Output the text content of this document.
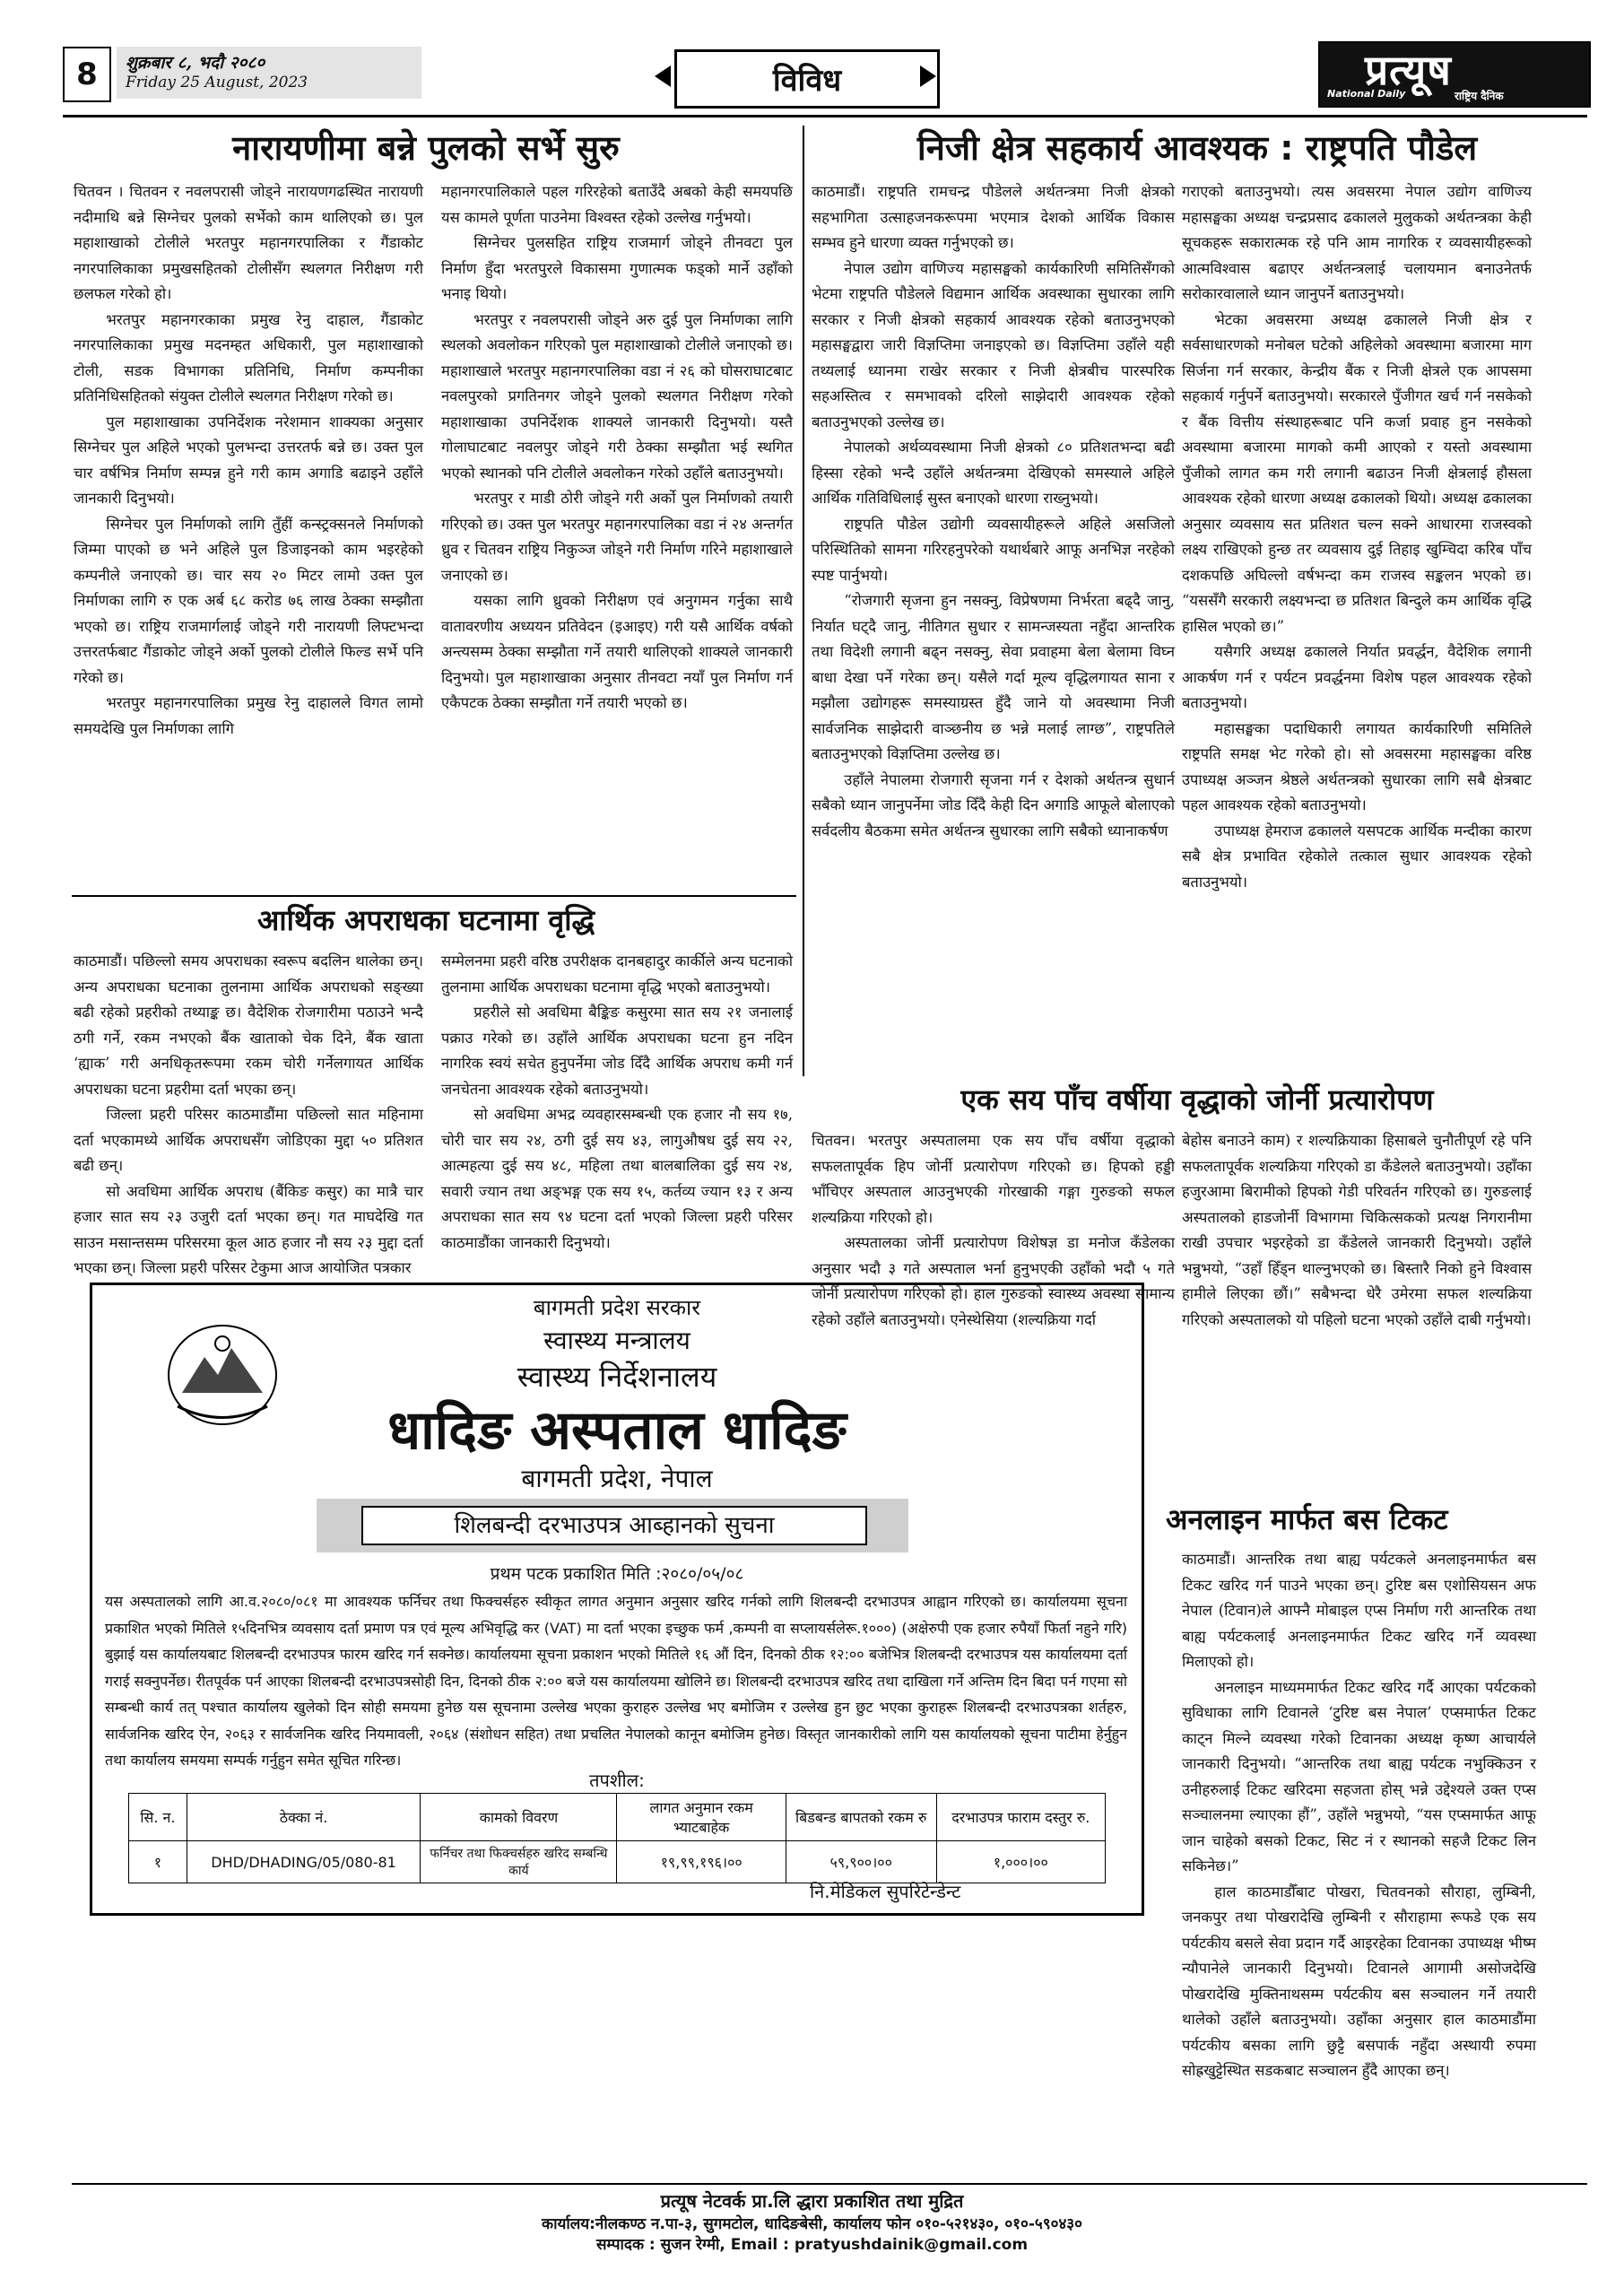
8	शुक्रबार ८, भदौ २०८०
Friday 25 August, 2023	विविध	प्रत्यूष
National Daily	राष्ट्रिय दैनिक
नारायणीमा बन्ने पुलको सर्भे सुरु

चितवन । चितवन र नवलपरासी जोड्ने नारायणगढस्थित नारायणी नदीमाथि बन्ने सिग्नेचर पुलको सर्भेको काम थालिएको छ। पुल महाशाखाको टोलीले भरतपुर महानगरपालिका र गैंडाकोट नगरपालिकाका प्रमुखसहितको टोलीसँग स्थलगत निरीक्षण गरी छलफल गरेको हो।

भरतपुर महानगरकाका प्रमुख रेनु दाहाल, गैंडाकोट नगरपालिकाका प्रमुख मदनम्हत अधिकारी, पुल महाशाखाको टोली, सडक विभागका प्रतिनिधि, निर्माण कम्पनीका प्रतिनिधिसहितको संयुक्त टोलीले स्थलगत निरीक्षण गरेको छ।

पुल महाशाखाका उपनिर्देशक नरेशमान शाक्यका अनुसार सिग्नेचर पुल अहिले भएको पुलभन्दा उत्तरतर्फ बन्ने छ। उक्त पुल चार वर्षभित्र निर्माण सम्पन्न हुने गरी काम अगाडि बढाइने उहाँले जानकारी दिनुभयो।

सिग्नेचर पुल निर्माणको लागि तुँहीं कन्स्ट्रक्सनले निर्माणको जिम्मा पाएको छ भने अहिले पुल डिजाइनको काम भइरहेको कम्पनीले जनाएको छ। चार सय २० मिटर लामो उक्त पुल निर्माणका लागि रु एक अर्ब ६८ करोड ७६ लाख ठेक्का सम्झौता भएको छ। राष्ट्रिय राजमार्गलाई जोड्ने गरी नारायणी लिफ्टभन्दा उत्तरतर्फबाट गैंडाकोट जोड्ने अर्को पुलको टोलीले फिल्ड सर्भे पनि गरेको छ।

भरतपुर महानगरपालिका प्रमुख रेनु दाहालले विगत लामो समयदेखि पुल निर्माणका लागि

महानगरपालिकाले पहल गरिरहेको बताउँदै अबको केही समयपछि यस कामले पूर्णता पाउनेमा विश्वस्त रहेको उल्लेख गर्नुभयो।

सिग्नेचर पुलसहित राष्ट्रिय राजमार्ग जोड्ने तीनवटा पुल निर्माण हुँदा भरतपुरले विकासमा गुणात्मक फड्को मार्ने उहाँको भनाइ थियो।

भरतपुर र नवलपरासी जोड्ने अरु दुई पुल निर्माणका लागि स्थलको अवलोकन गरिएको पुल महाशाखाको टोलीले जनाएको छ। महाशाखाले भरतपुर महानगरपालिका वडा नं २६ को घोसराघाटबाट नवलपुरको प्रगतिनगर जोड्ने पुलको स्थलगत निरीक्षण गरेको महाशाखाका उपनिर्देशक शाक्यले जानकारी दिनुभयो। यस्तै गोलाघाटबाट नवलपुर जोड्ने गरी ठेक्का सम्झौता भई स्थगित भएको स्थानको पनि टोलीले अवलोकन गरेको उहाँले बताउनुभयो।

भरतपुर र माडी ठोरी जोड्ने गरी अर्को पुल निर्माणको तयारी गरिएको छ। उक्त पुल भरतपुर महानगरपालिका वडा नं २४ अन्तर्गत ध्रुव र चितवन राष्ट्रिय निकुञ्ज जोड्ने गरी निर्माण गरिने महाशाखाले जनाएको छ।

यसका लागि ध्रुवको निरीक्षण एवं अनुगमन गर्नुका साथै वातावरणीय अध्ययन प्रतिवेदन (इआइए) गरी यसै आर्थिक वर्षको अन्त्यसम्म ठेक्का सम्झौता गर्ने तयारी थालिएको शाक्यले जानकारी दिनुभयो। पुल महाशाखाका अनुसार तीनवटा नयाँ पुल निर्माण गर्न एकैपटक ठेक्का सम्झौता गर्ने तयारी भएको छ।

आर्थिक अपराधका घटनामा वृद्धि

काठमाडौं। पछिल्लो समय अपराधका स्वरूप बदलिन थालेका छन्। अन्य अपराधका घटनाका तुलनामा आर्थिक अपराधको सङ्ख्या बढी रहेको प्रहरीको तथ्याङ्क छ। वैदेशिक रोजगारीमा पठाउने भन्दै ठगी गर्ने, रकम नभएको बैंक खाताको चेक दिने, बैंक खाता ‘ह्याक’ गरी अनधिकृतरूपमा रकम चोरी गर्नेलगायत आर्थिक अपराधका घटना प्रहरीमा दर्ता भएका छन्।

जिल्ला प्रहरी परिसर काठमाडौंमा पछिल्लो सात महिनामा दर्ता भएकामध्ये आर्थिक अपराधसँग जोडिएका मुद्दा ५० प्रतिशत बढी छन्।

सो अवधिमा आर्थिक अपराध (बैंकिङ कसुर) का मात्रै चार हजार सात सय २३ उजुरी दर्ता भएका छन्। गत माघदेखि गत साउन मसान्तसम्म परिसरमा कूल आठ हजार नौ सय २३ मुद्दा दर्ता भएका छन्। जिल्ला प्रहरी परिसर टेकुमा आज आयोजित पत्रकार

सम्मेलनमा प्रहरी वरिष्ठ उपरीक्षक दानबहादुर कार्कीले अन्य घटनाको तुलनामा आर्थिक अपराधका घटनामा वृद्धि भएको बताउनुभयो।

प्रहरीले सो अवधिमा बैङ्किङ कसुरमा सात सय २१ जनालाई पक्राउ गरेको छ। उहाँले आर्थिक अपराधका घटना हुन नदिन नागरिक स्वयं सचेत हुनुपर्नेमा जोड दिँदै आर्थिक अपराध कमी गर्न जनचेतना आवश्यक रहेको बताउनुभयो।

सो अवधिमा अभद्र व्यवहारसम्बन्धी एक हजार नौ सय १७, चोरी चार सय २४, ठगी दुई सय ४३, लागुऔषध दुई सय २२, आत्महत्या दुई सय ४८, महिला तथा बालबालिका दुई सय २४, सवारी ज्यान तथा अङ्भङ्ग एक सय १५, कर्तव्य ज्यान १३ र अन्य अपराधका सात सय ९४ घटना दर्ता भएको जिल्ला प्रहरी परिसर काठमाडौंका जानकारी दिनुभयो।

निजी क्षेत्र सहकार्य आवश्यक : राष्ट्रपति पौडेल

काठमाडौं। राष्ट्रपति रामचन्द्र पौडेलले अर्थतन्त्रमा निजी क्षेत्रको सहभागिता उत्साहजनकरूपमा भएमात्र देशको आर्थिक विकास सम्भव हुने धारणा व्यक्त गर्नुभएको छ।

नेपाल उद्योग वाणिज्य महासङ्घको कार्यकारिणी समितिसँगको भेटमा राष्ट्रपति पौडेलले विद्यमान आर्थिक अवस्थाका सुधारका लागि सरकार र निजी क्षेत्रको सहकार्य आवश्यक रहेको बताउनुभएको महासङ्घद्वारा जारी विज्ञप्तिमा जनाइएको छ। विज्ञप्तिमा उहाँले यही तथ्यलाई ध्यानमा राखेर सरकार र निजी क्षेत्रबीच पारस्परिक सहअस्तित्व र समभावको दरिलो साझेदारी आवश्यक रहेको बताउनुभएको उल्लेख छ।

नेपालको अर्थव्यवस्थामा निजी क्षेत्रको ८० प्रतिशतभन्दा बढी हिस्सा रहेको भन्दै उहाँले अर्थतन्त्रमा देखिएको समस्याले अहिले आर्थिक गतिविधिलाई सुस्त बनाएको धारणा राख्नुभयो।

राष्ट्रपति पौडेल उद्योगी व्यवसायीहरूले अहिले असजिलो परिस्थितिको सामना गरिरहनुपरेको यथार्थबारे आफू अनभिज्ञ नरहेको स्पष्ट पार्नुभयो।

“रोजगारी सृजना हुन नसक्नु, विप्रेषणमा निर्भरता बढ्दै जानु, निर्यात घट्दै जानु, नीतिगत सुधार र सामन्जस्यता नहुँदा आन्तरिक तथा विदेशी लगानी बढ्न नसक्नु, सेवा प्रवाहमा बेला बेलामा विघ्न बाधा देखा पर्ने गरेका छन्। यसैले गर्दा मूल्य वृद्धिलगायत साना र मझौला उद्योगहरू समस्याग्रस्त हुँदै जाने यो अवस्थामा निजी सार्वजनिक साझेदारी वाञ्छनीय छ भन्ने मलाई लाग्छ”, राष्ट्रपतिले बताउनुभएको विज्ञप्तिमा उल्लेख छ।

उहाँले नेपालमा रोजगारी सृजना गर्न र देशको अर्थतन्त्र सुधार्न सबैको ध्यान जानुपर्नेमा जोड दिँदै केही दिन अगाडि आफूले बोलाएको सर्वदलीय बैठकमा समेत अर्थतन्त्र सुधारका लागि सबैको ध्यानाकर्षण

गराएको बताउनुभयो। त्यस अवसरमा नेपाल उद्योग वाणिज्य महासङ्घका अध्यक्ष चन्द्रप्रसाद ढकालले मुलुकको अर्थतन्त्रका केही सूचकहरू सकारात्मक रहे पनि आम नागरिक र व्यवसायीहरूको आत्मविश्वास बढाएर अर्थतन्त्रलाई चलायमान बनाउनेतर्फ सरोकारवालाले ध्यान जानुपर्ने बताउनुभयो।

भेटका अवसरमा अध्यक्ष ढकालले निजी क्षेत्र र सर्वसाधारणको मनोबल घटेको अहिलेको अवस्थामा बजारमा माग सिर्जना गर्न सरकार, केन्द्रीय बैंक र निजी क्षेत्रले एक आपसमा सहकार्य गर्नुपर्ने बताउनुभयो। सरकारले पुँजीगत खर्च गर्न नसकेको र बैंक वित्तीय संस्थाहरूबाट पनि कर्जा प्रवाह हुन नसकेको अवस्थामा बजारमा मागको कमी आएको र यस्तो अवस्थामा पुँजीको लागत कम गरी लगानी बढाउन निजी क्षेत्रलाई हौसला आवश्यक रहेको धारणा अध्यक्ष ढकालको थियो। अध्यक्ष ढकालका अनुसार व्यवसाय सत प्रतिशत चल्न सक्ने आधारमा राजस्वको लक्ष्य राखिएको हुन्छ तर व्यवसाय दुई तिहाइ खुम्चिदा करिब पाँच दशकपछि अघिल्लो वर्षभन्दा कम राजस्व सङ्कलन भएको छ। “यससँगै सरकारी लक्ष्यभन्दा छ प्रतिशत बिन्दुले कम आर्थिक वृद्धि हासिल भएको छ।”

यसैगरि अध्यक्ष ढकालले निर्यात प्रवर्द्धन, वैदेशिक लगानी आकर्षण गर्न र पर्यटन प्रवर्द्धनमा विशेष पहल आवश्यक रहेको बताउनुभयो।

महासङ्घका पदाधिकारी लगायत कार्यकारिणी समितिले राष्ट्रपति समक्ष भेट गरेको हो। सो अवसरमा महासङ्घका वरिष्ठ उपाध्यक्ष अञ्जन श्रेष्ठले अर्थतन्त्रको सुधारका लागि सबै क्षेत्रबाट पहल आवश्यक रहेको बताउनुभयो।

उपाध्यक्ष हेमराज ढकालले यसपटक आर्थिक मन्दीका कारण सबै क्षेत्र प्रभावित रहेकोले तत्काल सुधार आवश्यक रहेको बताउनुभयो।

एक सय पाँच वर्षीया वृद्धाको जोर्नी प्रत्यारोपण

चितवन। भरतपुर अस्पतालमा एक सय पाँच वर्षीया वृद्धाको सफलतापूर्वक हिप जोर्नी प्रत्यारोपण गरिएको छ। हिपको हड्डी भाँचिएर अस्पताल आउनुभएकी गोरखाकी गङ्गा गुरुङको सफल शल्यक्रिया गरिएको हो।

अस्पतालका जोर्नी प्रत्यारोपण विशेषज्ञ डा मनोज कँडेलका अनुसार भदौ ३ गते अस्पताल भर्ना हुनुभएकी उहाँको भदौ ५ गते जोर्नी प्रत्यारोपण गरिएको हो। हाल गुरुङको स्वास्थ्य अवस्था सामान्य रहेको उहाँले बताउनुभयो। एनेस्थेसिया (शल्यक्रिया गर्दा

बेहोस बनाउने काम) र शल्यक्रियाका हिसाबले चुनौतीपूर्ण रहे पनि सफलतापूर्वक शल्यक्रिया गरिएको डा कँडेलले बताउनुभयो। उहाँका हजुरआमा बिरामीको हिपको गेडी परिवर्तन गरिएको छ। गुरुङलाई अस्पतालको हाडजोर्नी विभागमा चिकित्सकको प्रत्यक्ष निगरानीमा राखी उपचार भइरहेको डा कँडेलले जानकारी दिनुभयो। उहाँले भन्नुभयो, “उहाँ हिँड्न थाल्नुभएको छ। बिस्तारै निको हुने विश्वास हामीले लिएका छौं।” सबैभन्दा धेरै उमेरमा सफल शल्यक्रिया गरिएको अस्पतालको यो पहिलो घटना भएको उहाँले दाबी गर्नुभयो।

अनलाइन मार्फत बस टिकट

काठमाडौं। आन्तरिक तथा बाह्य पर्यटकले अनलाइनमार्फत बस टिकट खरिद गर्न पाउने भएका छन्। टुरिष्ट बस एशोसियसन अफ नेपाल (टिवान)ले आफ्नै मोबाइल एप्स निर्माण गरी आन्तरिक तथा बाह्य पर्यटकलाई अनलाइनमार्फत टिकट खरिद गर्ने व्यवस्था मिलाएको हो।

अनलाइन माध्यममार्फत टिकट खरिद गर्दै आएका पर्यटकको सुविधाका लागि टिवानले ‘टुरिष्ट बस नेपाल’ एप्समार्फत टिकट काट्न मिल्ने व्यवस्था गरेको टिवानका अध्यक्ष कृष्ण आचार्यले जानकारी दिनुभयो। “आन्तरिक तथा बाह्य पर्यटक नभुक्किउन र उनीहरुलाई टिकट खरिदमा सहजता होस् भन्ने उद्देश्यले उक्त एप्स सञ्चालनमा ल्याएका हौं”, उहाँले भन्नुभयो, “यस एप्समार्फत आफू जान चाहेको बसको टिकट, सिट नं र स्थानको सहजै टिकट लिन सकिनेछ।”

हाल काठमाडौँबाट पोखरा, चितवनको सौराहा, लुम्बिनी, जनकपुर तथा पोखरादेखि लुम्बिनी र सौराहामा रूफडे एक सय पर्यटकीय बसले सेवा प्रदान गर्दै आइरहेका टिवानका उपाध्यक्ष भीष्म न्यौपानेले जानकारी दिनुभयो। टिवानले आगामी असोजदेखि पोखरादेखि मुक्तिनाथसम्म पर्यटकीय बस सञ्चालन गर्ने तयारी थालेको उहाँले बताउनुभयो। उहाँका अनुसार हाल काठमाडौंमा पर्यटकीय बसका लागि छुट्टै बसपार्क नहुँदा अस्थायी रुपमा सोह्रखुट्टेस्थित सडकबाट सञ्चालन हुँदै आएका छन्।

बागमती प्रदेश सरकार
स्वास्थ्य मन्त्रालय
स्वास्थ्य निर्देशनालय
धादिङ अस्पताल धादिङ
बागमती प्रदेश, नेपाल
शिलबन्दी दरभाउपत्र आब्हानको सुचना
प्रथम पटक प्रकाशित मिति :२०८०/०५/०८
यस अस्पतालको लागि आ.व.२०८०/०८१ मा आवश्यक फर्निचर तथा फिक्चर्सहरु स्वीकृत लागत अनुमान अनुसार खरिद गर्नको लागि शिलबन्दी दरभाउपत्र आह्वान गरिएको छ। कार्यालयमा सूचना प्रकाशित भएको मितिले १५दिनभित्र व्यवसाय दर्ता प्रमाण पत्र एवं मूल्य अभिवृद्धि कर (VAT) मा दर्ता भएका इच्छुक फर्म ,कम्पनी वा सप्लायर्सलेरू.१०००) (अक्षेरुपी एक हजार रुपैयाँ फिर्ता नहुने गरि) बुझाई यस कार्यालयबाट शिलबन्दी दरभाउपत्र फारम खरिद गर्न सक्नेछ। कार्यालयमा सूचना प्रकाशन भएको मितिले १६ औं दिन, दिनको ठीक १२:०० बजेभित्र शिलबन्दी दरभाउपत्र यस कार्यालयमा दर्ता गराई सक्नुपर्नेछ। रीतपूर्वक पर्न आएका शिलबन्दी दरभाउपत्रसोही दिन, दिनको ठीक २:०० बजे यस कार्यालयमा खोलिने छ। शिलबन्दी दरभाउपत्र खरिद तथा दाखिला गर्ने अन्तिम दिन बिदा पर्न गएमा सो सम्बन्धी कार्य तत् पश्चात कार्यालय खुलेको दिन सोही समयमा हुनेछ यस सूचनामा उल्लेख भएका कुराहरु उल्लेख भए बमोजिम र उल्लेख हुन छुट भएका कुराहरू शिलबन्दी दरभाउपत्रका शर्तहरु, सार्वजनिक खरिद ऐन, २०६३ र सार्वजनिक खरिद नियमावली, २०६४ (संशोधन सहित) तथा प्रचलित नेपालको कानून बमोजिम हुनेछ। विस्तृत जानकारीको लागि यस कार्यालयको सूचना पाटीमा हेर्नुहुन तथा कार्यालय समयमा सम्पर्क गर्नुहुन समेत सूचित गरिन्छ।
तपशील:
सि. न.	ठेक्का नं.	कामको विवरण	लागत अनुमान रकम भ्याटबाहेक	बिडबन्ड बापतको रकम रु	दरभाउपत्र फाराम दस्तुर रु.
१	DHD/DHADING/05/080-81	फर्निचर तथा फिक्चर्सहरु खरिद सम्बन्धि कार्य	१९,९९,१९६।००	५९,९००।००	१,०००।००
नि.मेडिकल सुपरिटेन्डेन्ट
प्रत्यूष नेटवर्क प्रा.लि द्धारा प्रकाशित तथा मुद्रित
कार्यालय:नीलकण्ठ न.पा-३, सुगमटोल, धादिङबेसी, कार्यालय फोन ०१०-५२१४३०, ०१०-५९०४३०
सम्पादक : सुजन रेग्मी, Email : pratyushdainik@gmail.com
